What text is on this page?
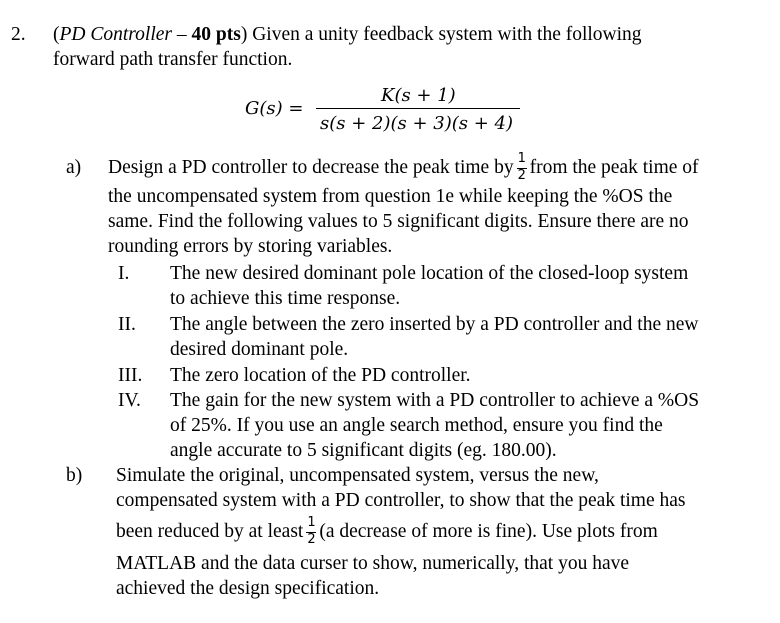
2. (PD Controller – 40 pts) Given a unity feedback system with the following
forward path transfer function.
G(s) =
K(s + 1)
s(s + 2)(s + 3)(s + 4)
a) Design a PD controller to decrease the peak time by $\frac{1}{2}$ from the peak time of
the uncompensated system from question 1e while keeping the %OS the
same. Find the following values to 5 significant digits. Ensure there are no
rounding errors by storing variables.
I. The new desired dominant pole location of the closed-loop system
to achieve this time response.
II. The angle between the zero inserted by a PD controller and the new
desired dominant pole.
III. The zero location of the PD controller.
IV. The gain for the new system with a PD controller to achieve a %OS
of 25%. If you use an angle search method, ensure you find the
angle accurate to 5 significant digits (eg. 180.00).
b) Simulate the original, uncompensated system, versus the new,
compensated system with a PD controller, to show that the peak time has
been reduced by at least $\frac{1}{2} (a$ decrease of more is fine). Use plots from
MATLAB and the data curser to show, numerically, that you have
achieved the design specification.
